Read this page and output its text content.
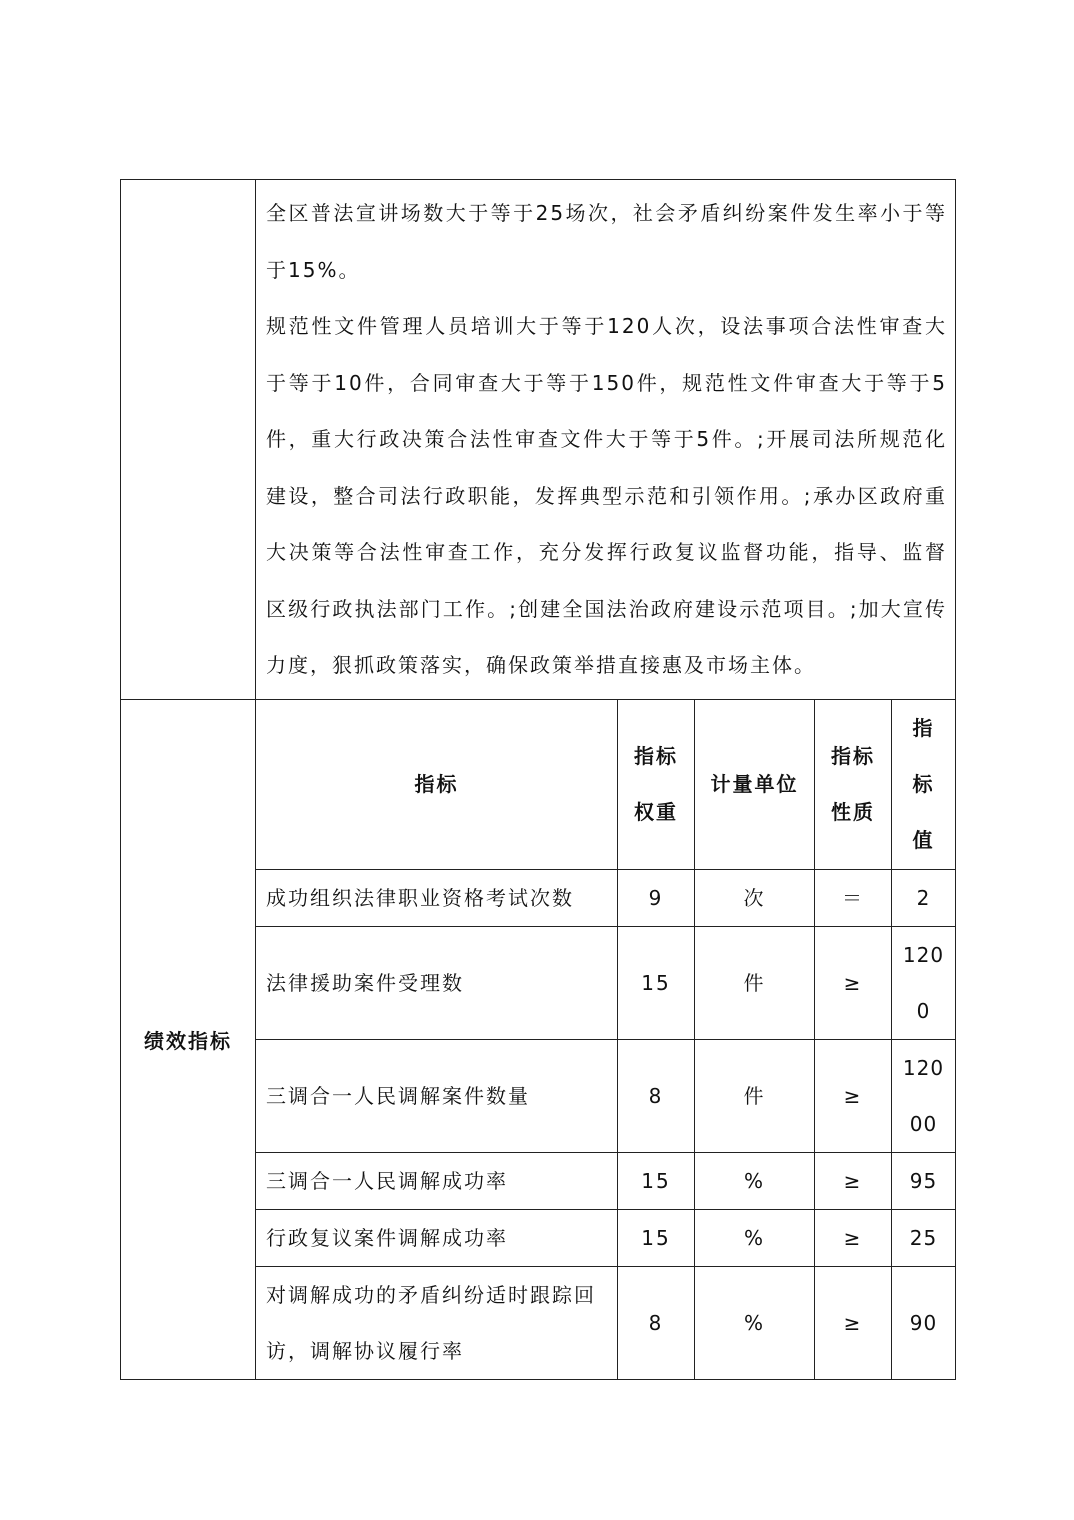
	全区普法宣讲场数大于等于25场次，社会矛盾纠纷案件发生率小于等于15%。

规范性文件管理人员培训大于等于120人次，设法事项合法性审查大于等于10件，合同审查大于等于150件，规范性文件审查大于等于5件，重大行政决策合法性审查文件大于等于5件。;开展司法所规范化建设，整合司法行政职能，发挥典型示范和引领作用。;承办区政府重大决策等合法性审查工作，充分发挥行政复议监督功能，指导、监督区级行政执法部门工作。;创建全国法治政府建设示范项目。;加大宣传力度，狠抓政策落实，确保政策举措直接惠及市场主体。				

绩效指标	指标	指标权重	计量单位	指标性质	指标值
	成功组织法律职业资格考试次数	9	次	＝	2
	法律援助案件受理数	15	件	≥	1200
	三调合一人民调解案件数量	8	件	≥	12000
	三调合一人民调解成功率	15	%	≥	95
	行政复议案件调解成功率	15	%	≥	25
	对调解成功的矛盾纠纷适时跟踪回访，调解协议履行率	8	%	≥	90
